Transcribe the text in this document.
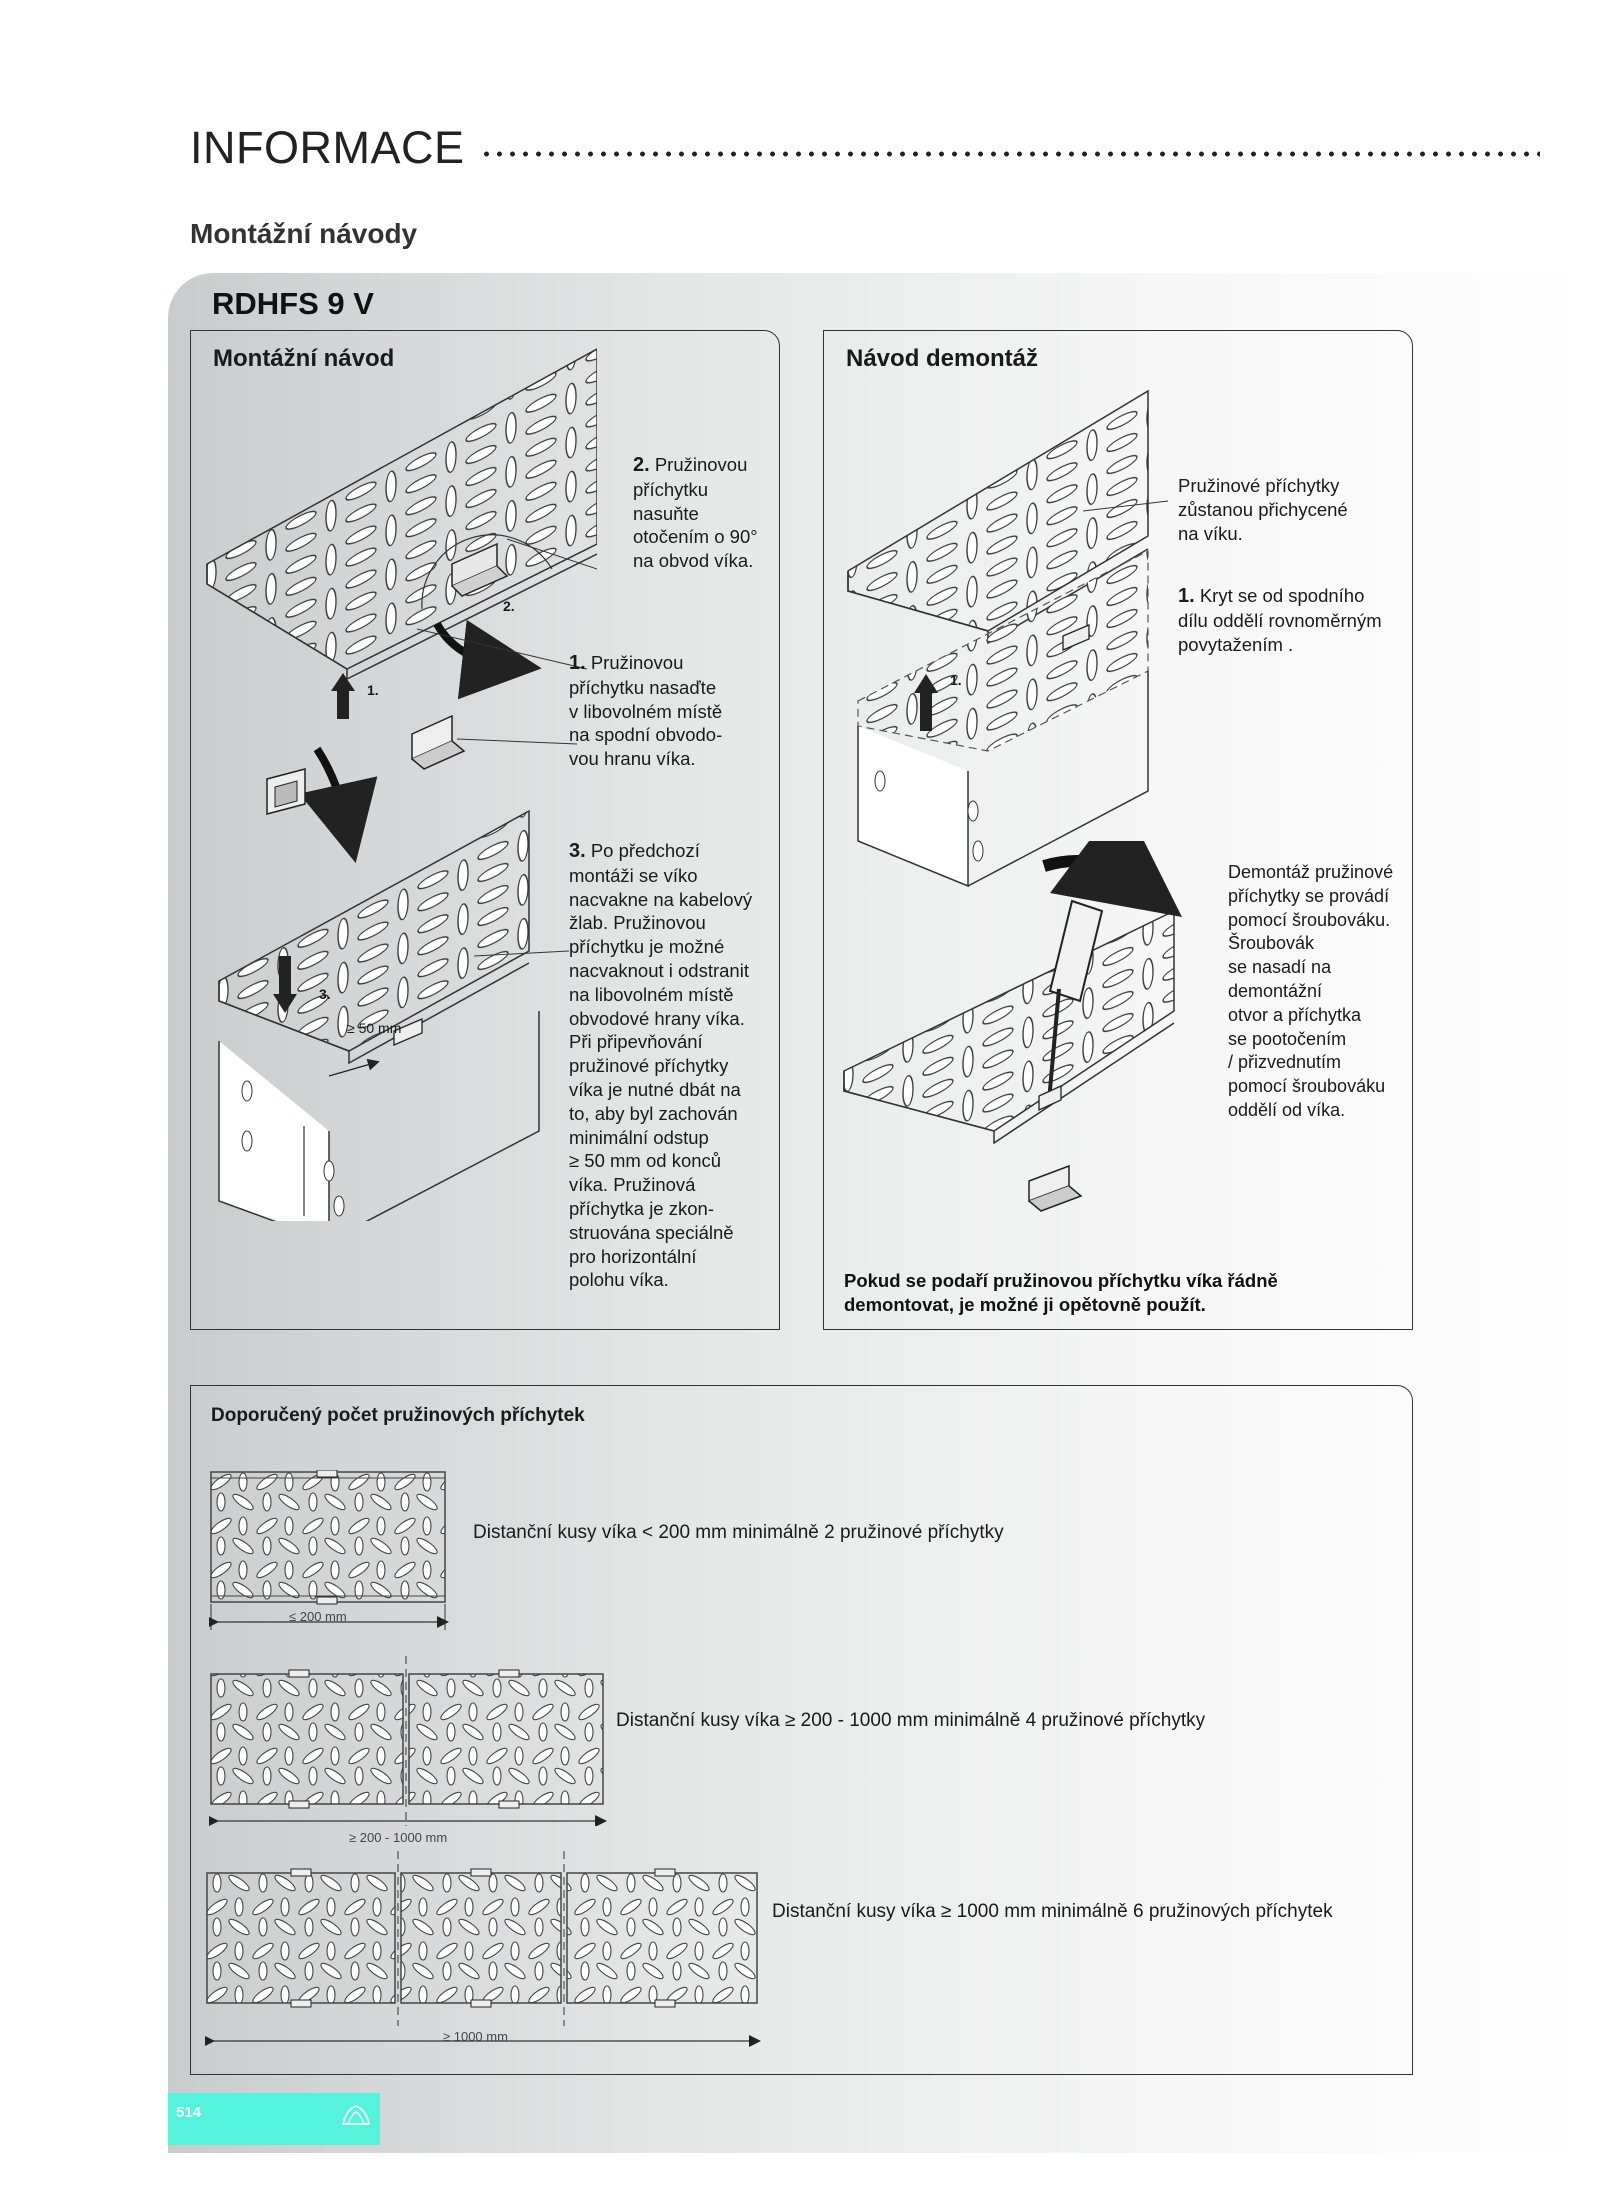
INFORMACE
Montážní návody
RDHFS 9 V
Montážní návod
1.
2.
2. Pružinovou
příchytku
nasuňte
otočením o 90°
na obvod víka.
1. Pružinovou
příchytku nasaďte
v libovolném místě
na spodní obvodo-
vou hranu víka.
3.
≥ 50 mm
3. Po předchozí
montáži se víko
nacvakne na kabelový
žlab. Pružinovou
příchytku je možné
nacvaknout i odstranit
na libovolném místě
obvodové hrany víka.
Při připevňování
pružinové příchytky
víka je nutné dbát na
to, aby byl zachován
minimální odstup
≥ 50 mm od konců
víka. Pružinová
příchytka je zkon-
struována speciálně
pro horizontální
polohu víka.
Návod demontáž
1.
Pružinové příchytky
zůstanou přichycené
na víku.
1. Kryt se od spodního
dílu oddělí rovnoměrným
povytažením .
Demontáž pružinové
příchytky se provádí
pomocí šroubováku.
Šroubovák
se nasadí na
demontážní
otvor a příchytka
se pootočením
/ přizvednutím
pomocí šroubováku
oddělí od víka.
Pokud se podaří pružinovou příchytku víka řádně
demontovat, je možné ji opětovně použít.
Doporučený počet pružinových příchytek
≤ 200 mm
Distanční kusy víka < 200 mm minimálně 2 pružinové příchytky
≥ 200 - 1000 mm
Distanční kusy víka ≥ 200 - 1000 mm minimálně 4 pružinové příchytky
≥ 1000 mm
Distanční kusy víka ≥ 1000 mm minimálně 6 pružinových příchytek
514
